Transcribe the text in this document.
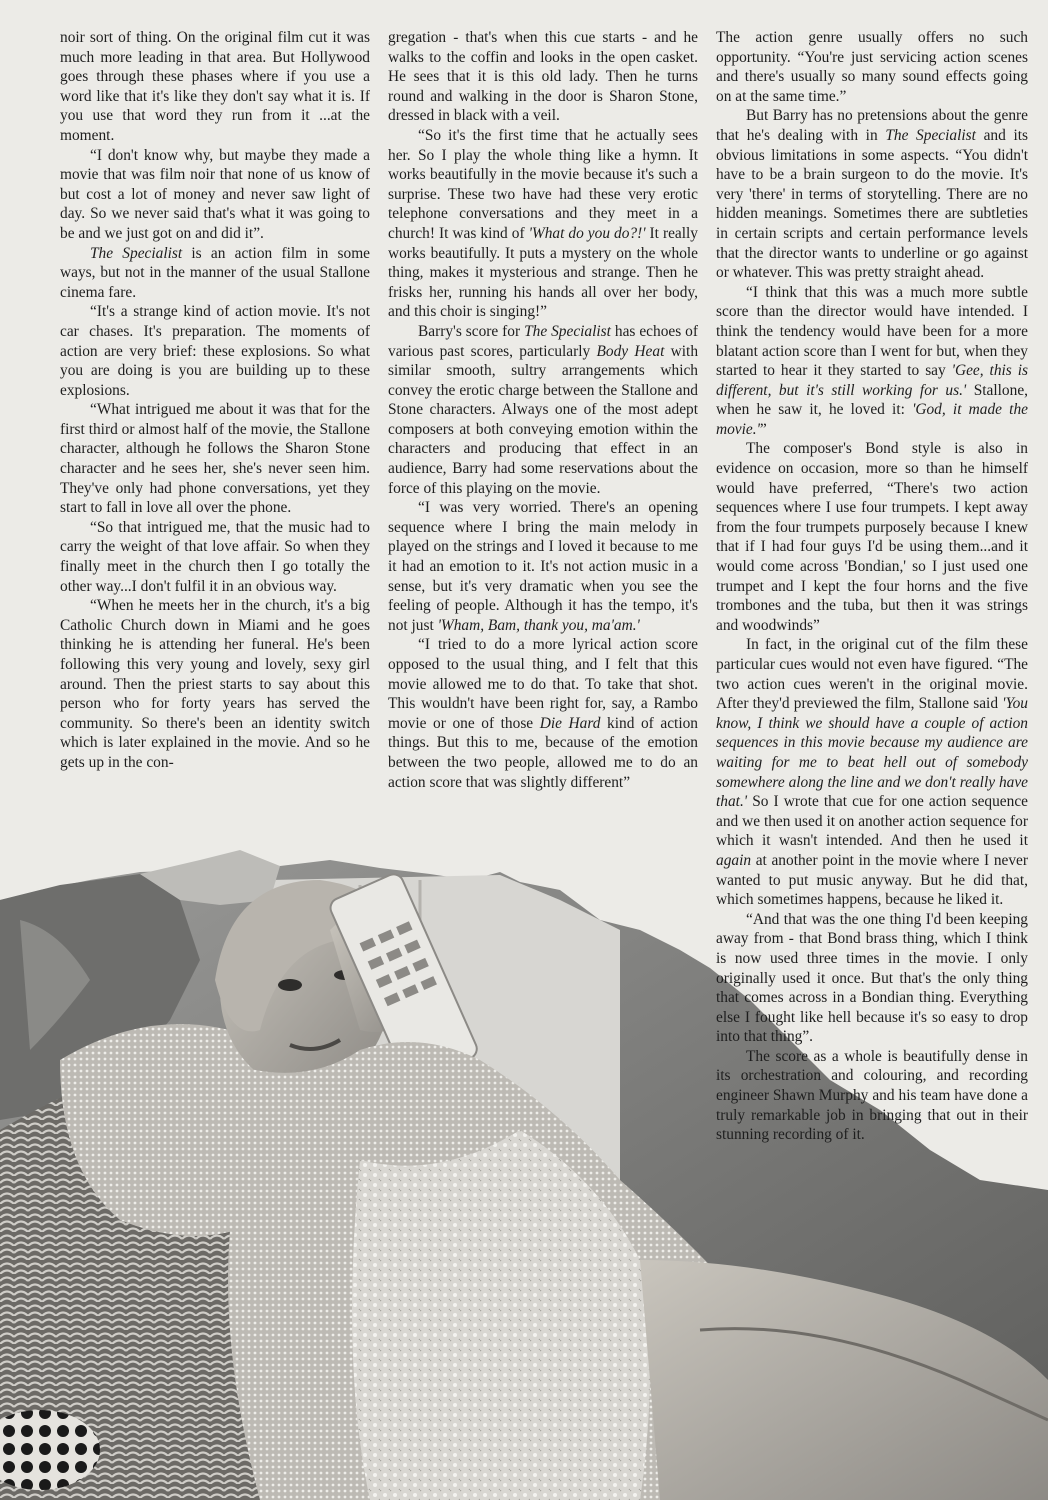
noir sort of thing. On the original film cut it was much more leading in that area. But Hollywood goes through these phases where if you use a word like that it's like they don't say what it is. If you use that word they run from it ...at the moment.

“I don't know why, but maybe they made a movie that was film noir that none of us know of but cost a lot of money and never saw light of day. So we never said that's what it was going to be and we just got on and did it”.

The Specialist is an action film in some ways, but not in the manner of the usual Stallone cinema fare.

“It's a strange kind of action movie. It's not car chases. It's preparation. The moments of action are very brief: these explosions. So what you are doing is you are building up to these explosions.

“What intrigued me about it was that for the first third or almost half of the movie, the Stallone character, although he follows the Sharon Stone character and he sees her, she's never seen him. They've only had phone conversations, yet they start to fall in love all over the phone.

“So that intrigued me, that the music had to carry the weight of that love affair. So when they finally meet in the church then I go totally the other way...I don't fulfil it in an obvious way.

“When he meets her in the church, it's a big Catholic Church down in Miami and he goes thinking he is attending her funeral. He's been following this very young and lovely, sexy girl around. Then the priest starts to say about this person who for forty years has served the community. So there's been an identity switch which is later explained in the movie. And so he gets up in the con-

gregation - that's when this cue starts - and he walks to the coffin and looks in the open casket. He sees that it is this old lady. Then he turns round and walking in the door is Sharon Stone, dressed in black with a veil.

“So it's the first time that he actually sees her. So I play the whole thing like a hymn. It works beautifully in the movie because it's such a surprise. These two have had these very erotic telephone conversations and they meet in a church! It was kind of 'What do you do?!' It really works beautifully. It puts a mystery on the whole thing, makes it mysterious and strange. Then he frisks her, running his hands all over her body, and this choir is singing!”

Barry's score for The Specialist has echoes of various past scores, particularly Body Heat with similar smooth, sultry arrangements which convey the erotic charge between the Stallone and Stone characters. Always one of the most adept composers at both conveying emotion within the characters and producing that effect in an audience, Barry had some reservations about the force of this playing on the movie.

“I was very worried. There's an opening sequence where I bring the main melody in played on the strings and I loved it because to me it had an emotion to it. It's not action music in a sense, but it's very dramatic when you see the feeling of people. Although it has the tempo, it's not just 'Wham, Bam, thank you, ma'am.'

“I tried to do a more lyrical action score opposed to the usual thing, and I felt that this movie allowed me to do that. To take that shot. This wouldn't have been right for, say, a Rambo movie or one of those Die Hard kind of action things. But this to me, because of the emotion between the two people, allowed me to do an action score that was slightly different”

The action genre usually offers no such opportunity. “You're just servicing action scenes and there's usually so many sound effects going on at the same time.”

But Barry has no pretensions about the genre that he's dealing with in The Specialist and its obvious limitations in some aspects. “You didn't have to be a brain surgeon to do the movie. It's very 'there' in terms of storytelling. There are no hidden meanings. Sometimes there are subtleties in certain scripts and certain performance levels that the director wants to underline or go against or whatever. This was pretty straight ahead.

“I think that this was a much more subtle score than the director would have intended. I think the tendency would have been for a more blatant action score than I went for but, when they started to hear it they started to say 'Gee, this is different, but it's still working for us.' Stallone, when he saw it, he loved it: 'God, it made the movie.'”

The composer's Bond style is also in evidence on occasion, more so than he himself would have preferred, “There's two action sequences where I use four trumpets. I kept away from the four trumpets purposely because I knew that if I had four guys I'd be using them...and it would come across 'Bondian,' so I just used one trumpet and I kept the four horns and the five trombones and the tuba, but then it was strings and woodwinds”

In fact, in the original cut of the film these particular cues would not even have figured. “The two action cues weren't in the original movie. After they'd previewed the film, Stallone said 'You know, I think we should have a couple of action sequences in this movie because my audience are waiting for me to beat hell out of somebody somewhere along the line and we don't really have that.' So I wrote that cue for one action sequence and we then used it on another action sequence for which it wasn't intended. And then he used it again at another point in the movie where I never wanted to put music anyway. But he did that, which sometimes happens, because he liked it.

“And that was the one thing I'd been keeping away from - that Bond brass thing, which I think is now used three times in the movie. I only originally used it once. But that's the only thing that comes across in a Bondian thing. Everything else I fought like hell because it's so easy to drop into that thing”.

The score as a whole is beautifully dense in its orchestration and colouring, and recording engineer Shawn Murphy and his team have done a truly remarkable job in bringing that out in their stunning recording of it.
